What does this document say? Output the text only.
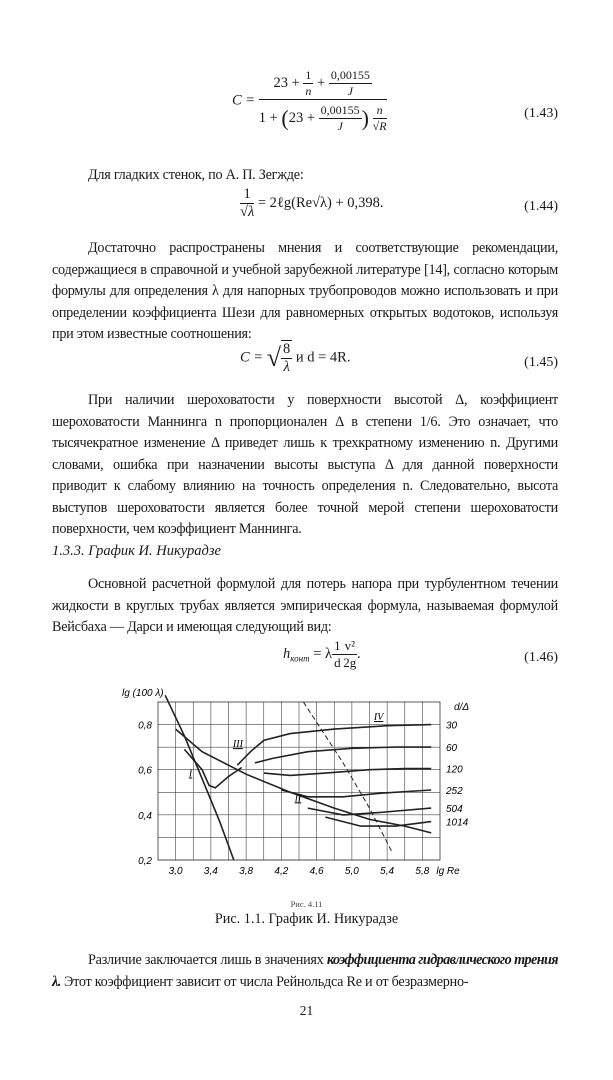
$C = \frac{23 + \frac{1}{n} + \frac{0,00155}{J}}{1 + (23 + \frac{0,00155}{J} ) \frac{n}{√R}}$	(1.43)
Для гладких стенок, по А. П. Зегжде:
$\frac{1}{√\lambda}$ = 2ℓg(Re√λ) + 0,398.	(1.44)
Достаточно распространены мнения и соответствующие рекомендации, содержащиеся в справочной и учебной зарубежной литературе [14], согласно которым формулы для определения λ для напорных трубопроводов можно использовать и при определении коэффициента Шези для равномерных открытых водотоков, используя при этом известные соотношения:
C = √ $\frac{8}{\lambda}$ и d = 4R.	(1.45)
При наличии шероховатости у поверхности высотой Δ, коэффициент шероховатости Маннинга n пропорционален Δ в степени 1/6. Это означает, что тысячекратное изменение Δ приведет лишь к трехкратному изменению n. Другими словами, ошибка при назначении высоты выступа Δ для данной поверхности приводит к слабому влиянию на точность определения n. Следовательно, высота выступов шероховатости является более точной мерой степени шероховатости поверхности, чем коэффициент Маннинга.
1.3.3. График И. Никурадзе
Основной расчетной формулой для потерь напора при турбулентном течении жидкости в круглых трубах является эмпирическая формула, называемая формулой Вейсбаха — Дарси и имеющая следующий вид:
$h_{конт} = \lambda \frac{1}{d} \frac{\text{v²}}{2g}$ .	(1.46)
3,0 3,4 3,8 4,2 4,6 5,0 5,4 5,8 lg Re
0,2
0,4
0,6
0,8
lg (100 λ)
d/Δ
30
60
120
252
504
1014
I
II
III
IV
Рис. 4.11
Рис. 1.1. График И. Никурадзе
Различие заключается лишь в значениях коэффициента гидравлического трения λ. Этот коэффициент зависит от числа Рейнольдса Re и от безразмерно-
21
